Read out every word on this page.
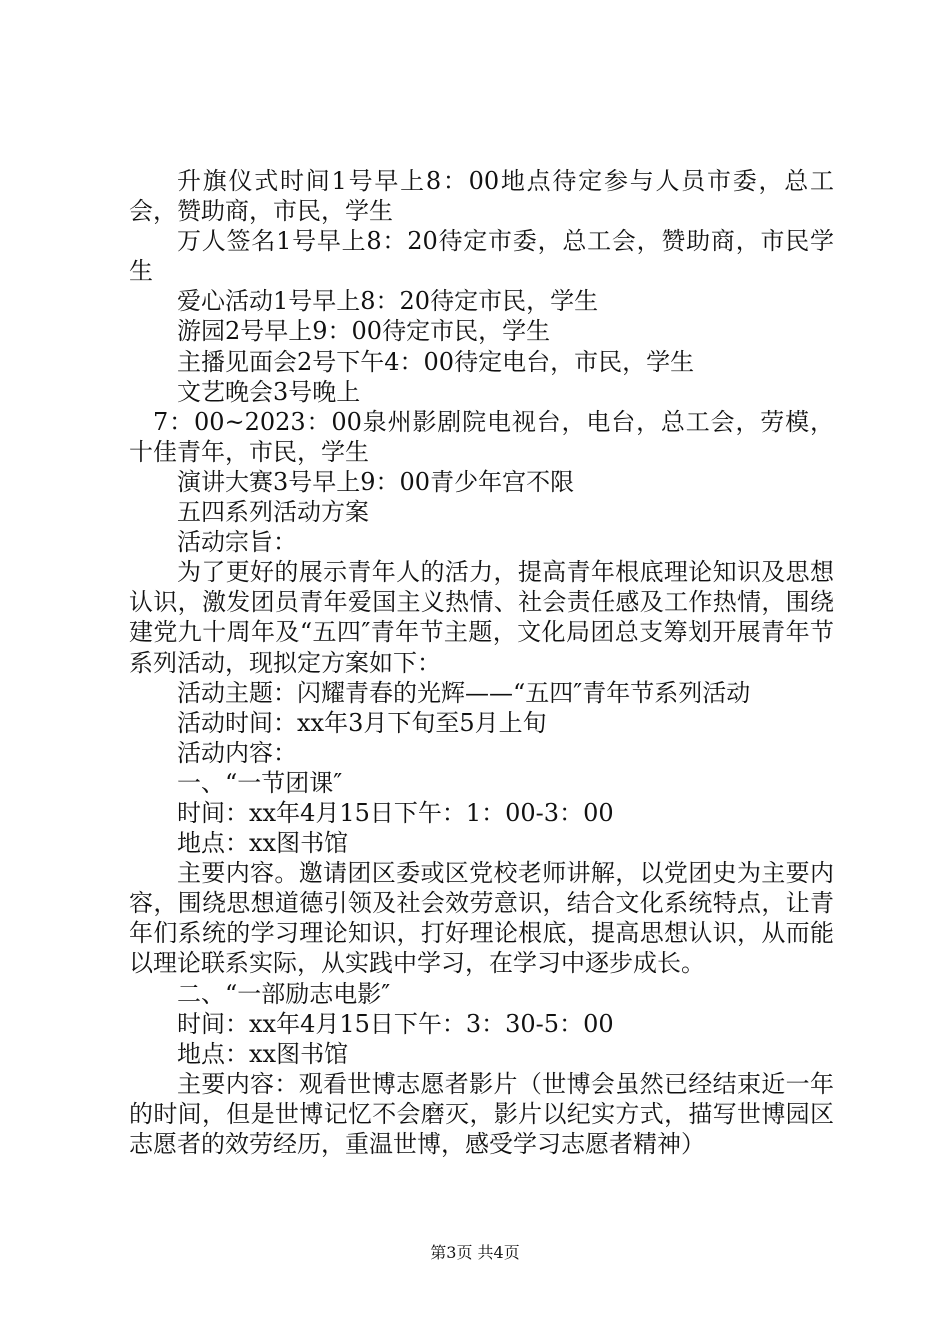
升旗仪式时间1号早上8：00地点待定参与人员市委，总工会，赞助商，市民，学生

万人签名1号早上8：20待定市委，总工会，赞助商，市民学生

爱心活动1号早上8：20待定市民，学生

游园2号早上9：00待定市民，学生

主播见面会2号下午4：00待定电台，市民，学生

文艺晚会3号晚上

7：00~2023：00泉州影剧院电视台，电台，总工会，劳模，十佳青年，市民，学生

演讲大赛3号早上9：00青少年宫不限

五四系列活动方案

活动宗旨：

为了更好的展示青年人的活力，提高青年根底理论知识及思想认识，激发团员青年爱国主义热情、社会责任感及工作热情，围绕建党九十周年及“五四″青年节主题，文化局团总支筹划开展青年节系列活动，现拟定方案如下：

活动主题：闪耀青春的光辉——“五四″青年节系列活动

活动时间：xx年3月下旬至5月上旬

活动内容：

一、“一节团课″

时间：xx年4月15日下午：1：00-3：00

地点：xx图书馆

主要内容。邀请团区委或区党校老师讲解，以党团史为主要内容，围绕思想道德引领及社会效劳意识，结合文化系统特点，让青年们系统的学习理论知识，打好理论根底，提高思想认识，从而能以理论联系实际，从实践中学习，在学习中逐步成长。

二、“一部励志电影″

时间：xx年4月15日下午：3：30-5：00

地点：xx图书馆

主要内容：观看世博志愿者影片（世博会虽然已经结束近一年的时间，但是世博记忆不会磨灭，影片以纪实方式，描写世博园区志愿者的效劳经历，重温世博，感受学习志愿者精神）

第3页 共4页
